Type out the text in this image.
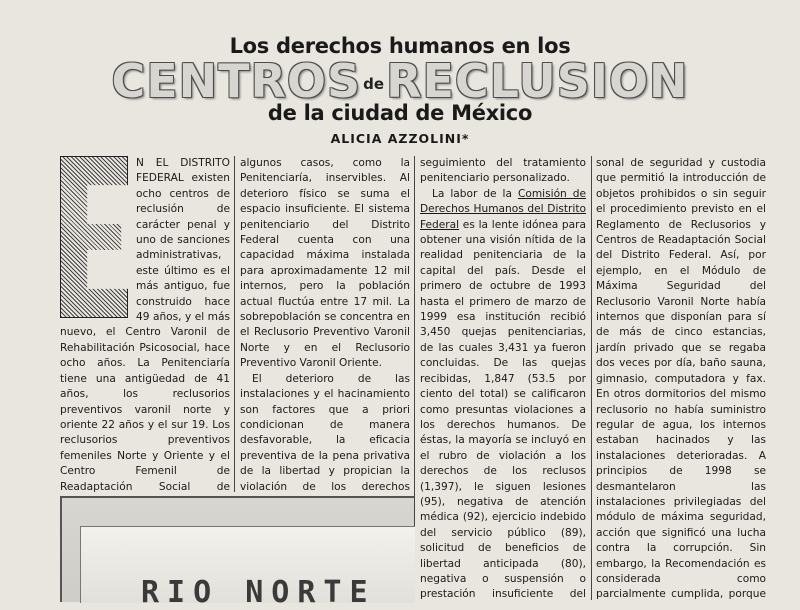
Los derechos humanos en los
CENTROS deRECLUSION
de la ciudad de México
ALICIA AZZOLINI*

N EL DISTRITO FEDERAL existen ocho centros de reclusión de carácter penal y uno de sanciones administrativas, este último es el más antiguo, fue construido hace 49 años, y el más nuevo, el Centro Varonil de Rehabilitación Psicosocial, hace ocho años. La Penitenciaría tiene una antigüedad de 41 años, los reclusorios preventivos varonil norte y oriente 22 años y el sur 19. Los reclusorios preventivos femeniles Norte y Oriente y el Centro Femenil de Readaptación Social de

algunos casos, como la Penitenciaría, inservibles. Al deterioro físico se suma el espacio insuficiente. El sistema penitenciario del Distrito Federal cuenta con una capacidad máxima instalada para aproximadamente 12 mil internos, pero la población actual fluctúa entre 17 mil. La sobrepoblación se concentra en el Reclusorio Preventivo Varonil Norte y en el Reclusorio Preventivo Varonil Oriente.

El deterioro de las instalaciones y el hacinamiento son factores que a priori condicionan de manera desfavorable, la eficacia preventiva de la pena privativa de la libertad y propician la violación de los derechos

seguimiento del tratamiento penitenciario personalizado.

La labor de la Comisión de Derechos Humanos del Distrito Federal es la lente idónea para obtener una visión nítida de la realidad penitenciaria de la capital del país. Desde el primero de octubre de 1993 hasta el primero de marzo de 1999 esa institución recibió 3,450 quejas penitenciarias, de las cuales 3,431 ya fueron concluidas. De las quejas recibidas, 1,847 (53.5 por ciento del total) se calificaron como presuntas violaciones a los derechos humanos. De éstas, la mayoría se incluyó en el rubro de violación a los derechos de los reclusos (1,397), le siguen lesiones (95), negativa de atención médica (92), ejercicio indebido del servicio público (89), solicitud de beneficios de libertad anticipada (80), negativa o suspensión o prestación insuficiente del

sonal de seguridad y custodia que permitió la introducción de objetos prohibidos o sin seguir el procedimiento previsto en el Reglamento de Reclusorios y Centros de Readaptación Social del Distrito Federal. Así, por ejemplo, en el Módulo de Máxima Seguridad del Reclusorio Varonil Norte había internos que disponían para sí de más de cinco estancias, jardín privado que se regaba dos veces por día, baño sauna, gimnasio, computadora y fax. En otros dormitorios del mismo reclusorio no había suministro regular de agua, los internos estaban hacinados y las instalaciones deterioradas. A principios de 1998 se desmantelaron las instalaciones privilegiadas del módulo de máxima seguridad, acción que significó una lucha contra la corrupción. Sin embargo, la Recomendación es considerada como parcialmente cumplida, porque

RIO NORTE
